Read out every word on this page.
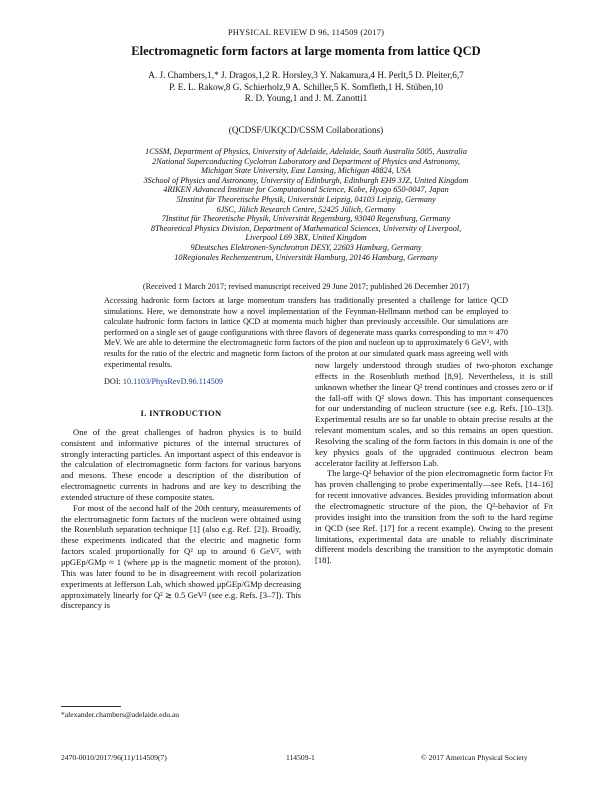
PHYSICAL REVIEW D 96, 114509 (2017)
Electromagnetic form factors at large momenta from lattice QCD
A. J. Chambers,1,* J. Dragos,1,2 R. Horsley,3 Y. Nakamura,4 H. Perlt,5 D. Pleiter,6,7
P. E. L. Rakow,8 G. Schierholz,9 A. Schiller,5 K. Somfleth,1 H. Stüben,10
R. D. Young,1 and J. M. Zanotti1
(QCDSF/UKQCD/CSSM Collaborations)
1CSSM, Department of Physics, University of Adelaide, Adelaide, South Australia 5005, Australia
2National Superconducting Cyclotron Laboratory and Department of Physics and Astronomy,
Michigan State University, East Lansing, Michigan 48824, USA
3School of Physics and Astronomy, University of Edinburgh, Edinburgh EH9 3JZ, United Kingdom
4RIKEN Advanced Institute for Computational Science, Kobe, Hyogo 650-0047, Japan
5Institut für Theoretische Physik, Universität Leipzig, 04103 Leipzig, Germany
6JSC, Jülich Research Centre, 52425 Jülich, Germany
7Institut für Theoretische Physik, Universität Regensburg, 93040 Regensburg, Germany
8Theoretical Physics Division, Department of Mathematical Sciences, University of Liverpool,
Liverpool L69 3BX, United Kingdom
9Deutsches Elektronen-Synchrotron DESY, 22603 Hamburg, Germany
10Regionales Rechenzentrum, Universität Hamburg, 20146 Hamburg, Germany
(Received 1 March 2017; revised manuscript received 29 June 2017; published 26 December 2017)
Accessing hadronic form factors at large momentum transfers has traditionally presented a challenge for lattice QCD simulations. Here, we demonstrate how a novel implementation of the Feynman-Hellmann method can be employed to calculate hadronic form factors in lattice QCD at momenta much higher than previously accessible. Our simulations are performed on a single set of gauge configurations with three flavors of degenerate mass quarks corresponding to mπ ≈ 470 MeV. We are able to determine the electromagnetic form factors of the pion and nucleon up to approximately 6 GeV², with results for the ratio of the electric and magnetic form factors of the proton at our simulated quark mass agreeing well with experimental results.
DOI: 10.1103/PhysRevD.96.114509
I. INTRODUCTION

One of the great challenges of hadron physics is to build consistent and informative pictures of the internal structures of strongly interacting particles. An important aspect of this endeavor is the calculation of electromagnetic form factors for various baryons and mesons. These encode a description of the distribution of electromagnetic currents in hadrons and are key to describing the extended structure of these composite states.

For most of the second half of the 20th century, measurements of the electromagnetic form factors of the nucleon were obtained using the Rosenbluth separation technique [1] (also e.g. Ref. [2]). Broadly, these experiments indicated that the electric and magnetic form factors scaled proportionally for Q² up to around 6 GeV², with μpGEp/GMp ≈ 1 (where μp is the magnetic moment of the proton). This was later found to be in disagreement with recoil polarization experiments at Jefferson Lab, which showed μpGEp/GMp decreasing approximately linearly for Q² ≳ 0.5 GeV² (see e.g. Refs. [3–7]). This discrepancy is

now largely understood through studies of two-photon exchange effects in the Rosenbluth method [8,9]. Nevertheless, it is still unknown whether the linear Q² trend continues and crosses zero or if the fall-off with Q² slows down. This has important consequences for our understanding of nucleon structure (see e.g. Refs. [10–13]). Experimental results are so far unable to obtain precise results at the relevant momentum scales, and so this remains an open question. Resolving the scaling of the form factors in this domain is one of the key physics goals of the upgraded continuous electron beam accelerator facility at Jefferson Lab.

The large-Q² behavior of the pion electromagnetic form factor Fπ has proven challenging to probe experimentally—see Refs. [14–16] for recent innovative advances. Besides providing information about the electromagnetic structure of the pion, the Q²-behavior of Fπ provides insight into the transition from the soft to the hard regime in QCD (see Ref. [17] for a recent example). Owing to the present limitations, experimental data are unable to reliably discriminate different models describing the transition to the asymptotic domain [18].

*alexander.chambers@adelaide.edu.au
2470-0010/2017/96(11)/114509(7)	114509-1	© 2017 American Physical Society
